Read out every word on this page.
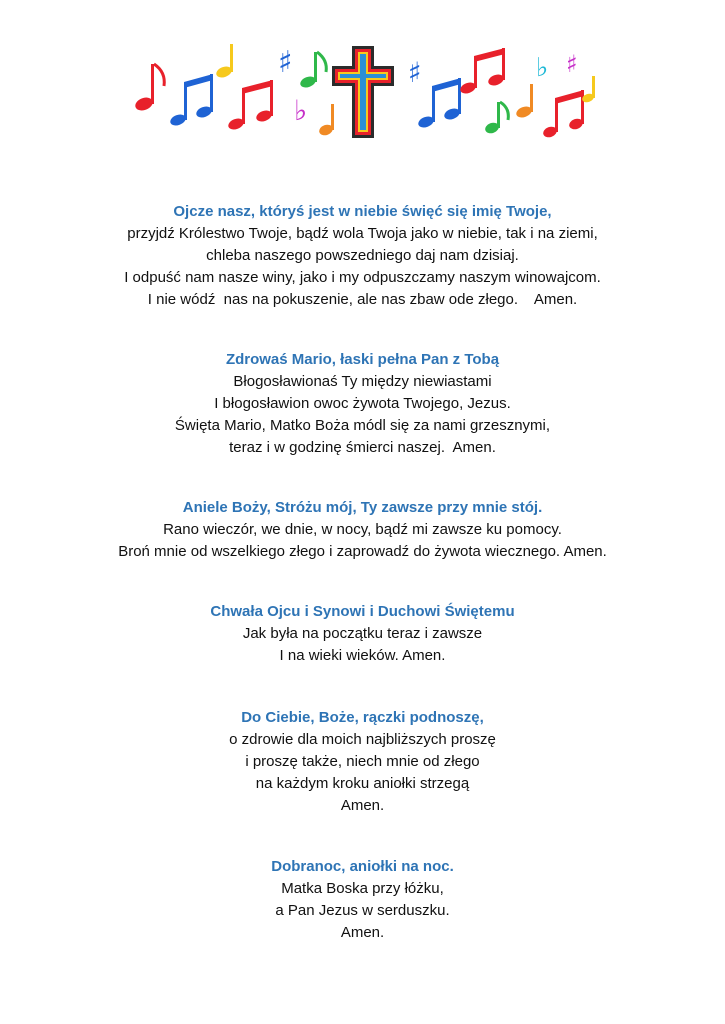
♯
♭
♯	♭ ♯

Ojcze nasz, któryś jest w niebie święć się imię Twoje,

przyjdź Królestwo Twoje, bądź wola Twoja jako w niebie, tak i na ziemi,

chleba naszego powszedniego daj nam dzisiaj.

I odpuść nam nasze winy, jako i my odpuszczamy naszym winowajcom.

I nie wódź  nas na pokuszenie, ale nas zbaw ode złego.    Amen.

Zdrowaś Mario, łaski pełna Pan z Tobą

Błogosławionaś Ty między niewiastami

I błogosławion owoc żywota Twojego, Jezus.

Święta Mario, Matko Boża módl się za nami grzesznymi,

teraz i w godzinę śmierci naszej.  Amen.

Aniele Boży, Stróżu mój, Ty zawsze przy mnie stój.

Rano wieczór, we dnie, w nocy, bądź mi zawsze ku pomocy.

Broń mnie od wszelkiego złego i zaprowadź do żywota wiecznego. Amen.

Chwała Ojcu i Synowi i Duchowi Świętemu

Jak była na początku teraz i zawsze

I na wieki wieków. Amen.

Do Ciebie, Boże, rączki podnoszę,

o zdrowie dla moich najbliższych proszę

i proszę także, niech mnie od złego

na każdym kroku aniołki strzegą

Amen.

Dobranoc, aniołki na noc.

Matka Boska przy łóżku,

a Pan Jezus w serduszku.

Amen.
